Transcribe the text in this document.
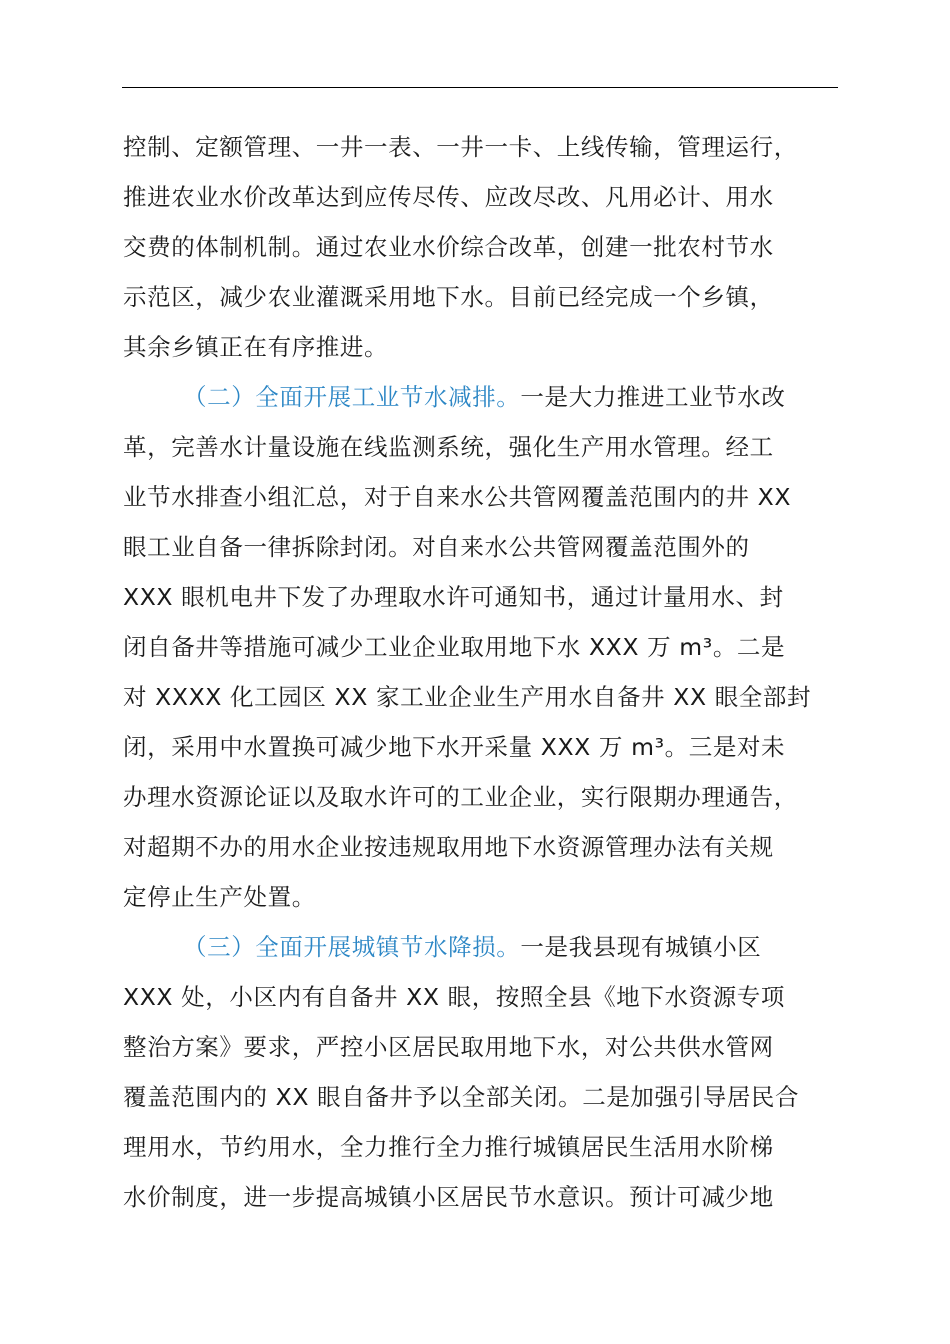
控制、定额管理、一井一表、一井一卡、上线传输，管理运行，
推进农业水价改革达到应传尽传、应改尽改、凡用必计、用水
交费的体制机制。通过农业水价综合改革，创建一批农村节水
示范区，减少农业灌溉采用地下水。目前已经完成一个乡镇，
其余乡镇正在有序推进。
（二）全面开展工业节水减排。一是大力推进工业节水改
革，完善水计量设施在线监测系统，强化生产用水管理。经工
业节水排查小组汇总，对于自来水公共管网覆盖范围内的井 XX
眼工业自备一律拆除封闭。对自来水公共管网覆盖范围外的
XXX 眼机电井下发了办理取水许可通知书，通过计量用水、封
闭自备井等措施可减少工业企业取用地下水 XXX 万 m³。二是
对 XXXX 化工园区 XX 家工业企业生产用水自备井 XX 眼全部封
闭，采用中水置换可减少地下水开采量 XXX 万 m³。三是对未
办理水资源论证以及取水许可的工业企业，实行限期办理通告，
对超期不办的用水企业按违规取用地下水资源管理办法有关规
定停止生产处置。
（三）全面开展城镇节水降损。一是我县现有城镇小区
XXX 处，小区内有自备井 XX 眼，按照全县《地下水资源专项
整治方案》要求，严控小区居民取用地下水，对公共供水管网
覆盖范围内的 XX 眼自备井予以全部关闭。二是加强引导居民合
理用水，节约用水，全力推行全力推行城镇居民生活用水阶梯
水价制度，进一步提高城镇小区居民节水意识。预计可减少地
